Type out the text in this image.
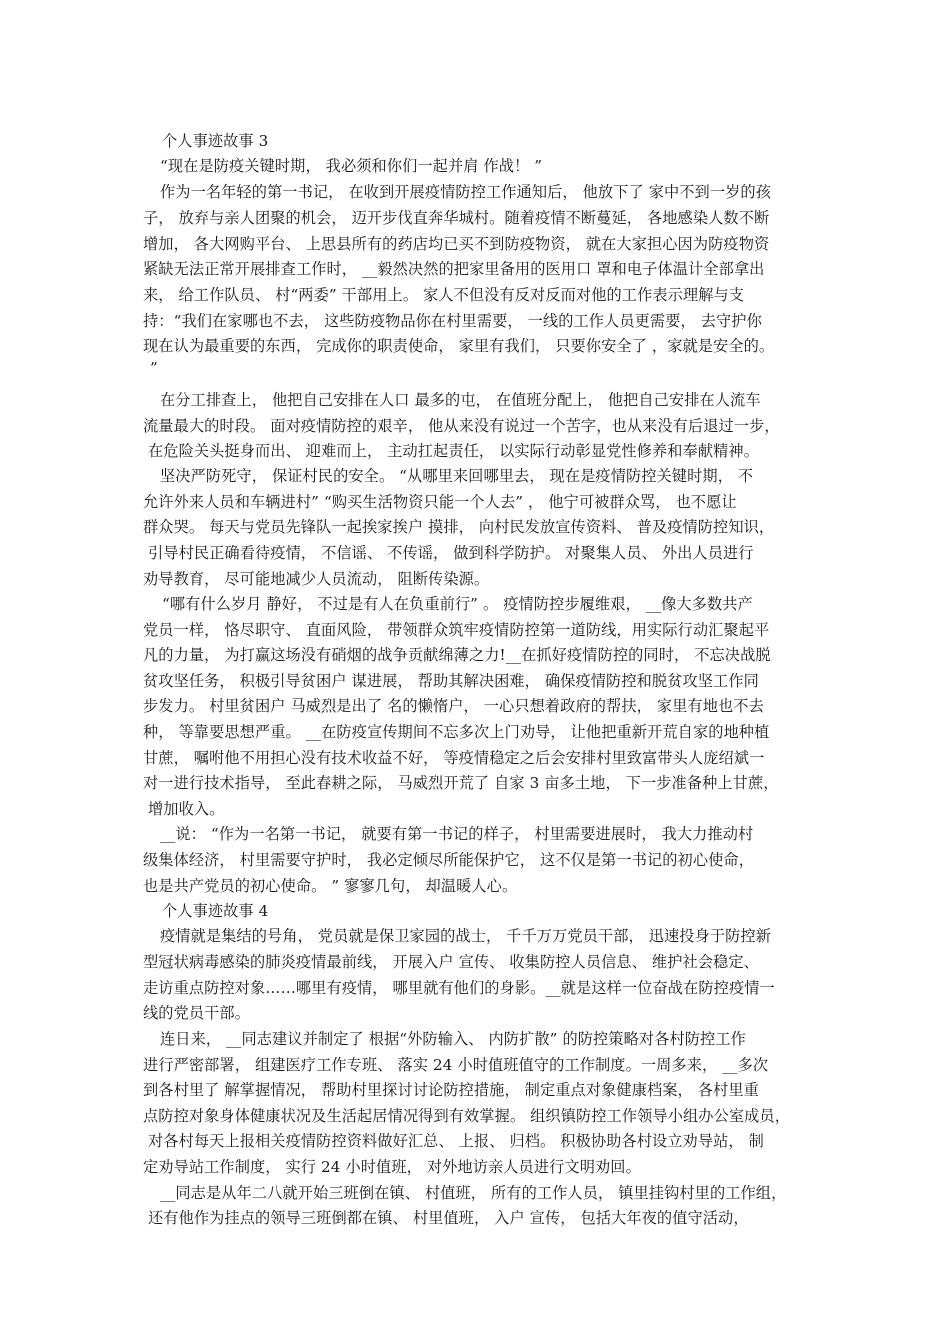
个人事迹故事 3
“现在是防疫关键时期， 我必须和你们一起并肩 作战！ ”
作为一名年轻的第一书记， 在收到开展疫情防控工作通知后， 他放下了 家中不到一岁的孩
子， 放弃与亲人团聚的机会， 迈开步伐直奔华城村。随着疫情不断蔓延， 各地感染人数不断
增加， 各大网购平台、 上思县所有的药店均已买不到防疫物资， 就在大家担心因为防疫物资
紧缺无法正常开展排查工作时， __毅然决然的把家里备用的医用口 罩和电子体温计全部拿出
来， 给工作队员、 村“两委” 干部用上。 家人不但没有反对反而对他的工作表示理解与支
持：“我们在家哪也不去， 这些防疫物品你在村里需要， 一线的工作人员更需要， 去守护你
现在认为最重要的东西， 完成你的职责使命， 家里有我们， 只要你安全了 ，家就是安全的。
”
在分工排查上， 他把自己安排在人口 最多的屯， 在值班分配上， 他把自己安排在人流车
流量最大的时段。 面对疫情防控的艰辛， 他从来没有说过一个苦字，也从来没有后退过一步，
在危险关头挺身而出、 迎难而上， 主动扛起责任， 以实际行动彰显党性修养和奉献精神。
坚决严防死守， 保证村民的安全。 “从哪里来回哪里去， 现在是疫情防控关键时期， 不
允许外来人员和车辆进村” “购买生活物资只能一个人去” ， 他宁可被群众骂， 也不愿让
群众哭。 每天与党员先锋队一起挨家挨户 摸排， 向村民发放宣传资料、 普及疫情防控知识，
引导村民正确看待疫情， 不信谣、 不传谣， 做到科学防护。 对聚集人员、 外出人员进行
劝导教育， 尽可能地减少人员流动， 阻断传染源。
“哪有什么岁月 静好， 不过是有人在负重前行” 。 疫情防控步履维艰， __像大多数共产
党员一样， 恪尽职守、 直面风险， 带领群众筑牢疫情防控第一道防线，用实际行动汇聚起平
凡的力量， 为打赢这场没有硝烟的战争贡献绵薄之力!__在抓好疫情防控的同时， 不忘决战脱
贫攻坚任务， 积极引导贫困户 谋进展， 帮助其解决困难， 确保疫情防控和脱贫攻坚工作同
步发力。 村里贫困户 马威烈是出了 名的懒惰户， 一心只想着政府的帮扶， 家里有地也不去
种， 等靠要思想严重。 __在防疫宣传期间不忘多次上门劝导， 让他把重新开荒自家的地种植
甘蔗， 嘱咐他不用担心没有技术收益不好， 等疫情稳定之后会安排村里致富带头人庞绍斌一
对一进行技术指导， 至此春耕之际， 马威烈开荒了 自家 3 亩多土地， 下一步准备种上甘蔗，
增加收入。
__说： “作为一名第一书记， 就要有第一书记的样子， 村里需要进展时， 我大力推动村
级集体经济， 村里需要守护时， 我必定倾尽所能保护它， 这不仅是第一书记的初心使命，
也是共产党员的初心使命。 ” 寥寥几句， 却温暖人心。
个人事迹故事 4
疫情就是集结的号角， 党员就是保卫家园的战士， 千千万万党员干部， 迅速投身于防控新
型冠状病毒感染的肺炎疫情最前线， 开展入户 宣传、 收集防控人员信息、 维护社会稳定、
走访重点防控对象……哪里有疫情， 哪里就有他们的身影。__就是这样一位奋战在防控疫情一
线的党员干部。
连日来， __同志建议并制定了 根据“外防输入、 内防扩散” 的防控策略对各村防控工作
进行严密部署， 组建医疗工作专班、 落实 24 小时值班值守的工作制度。一周多来， __多次
到各村里了 解掌握情况， 帮助村里探讨讨论防控措施， 制定重点对象健康档案， 各村里重
点防控对象身体健康状况及生活起居情况得到有效掌握。 组织镇防控工作领导小组办公室成员，
对各村每天上报相关疫情防控资料做好汇总、 上报、 归档。 积极协助各村设立劝导站， 制
定劝导站工作制度， 实行 24 小时值班， 对外地访亲人员进行文明劝回。
__同志是从年二八就开始三班倒在镇、 村值班， 所有的工作人员， 镇里挂钩村里的工作组，
还有他作为挂点的领导三班倒都在镇、 村里值班， 入户 宣传， 包括大年夜的值守活动，
